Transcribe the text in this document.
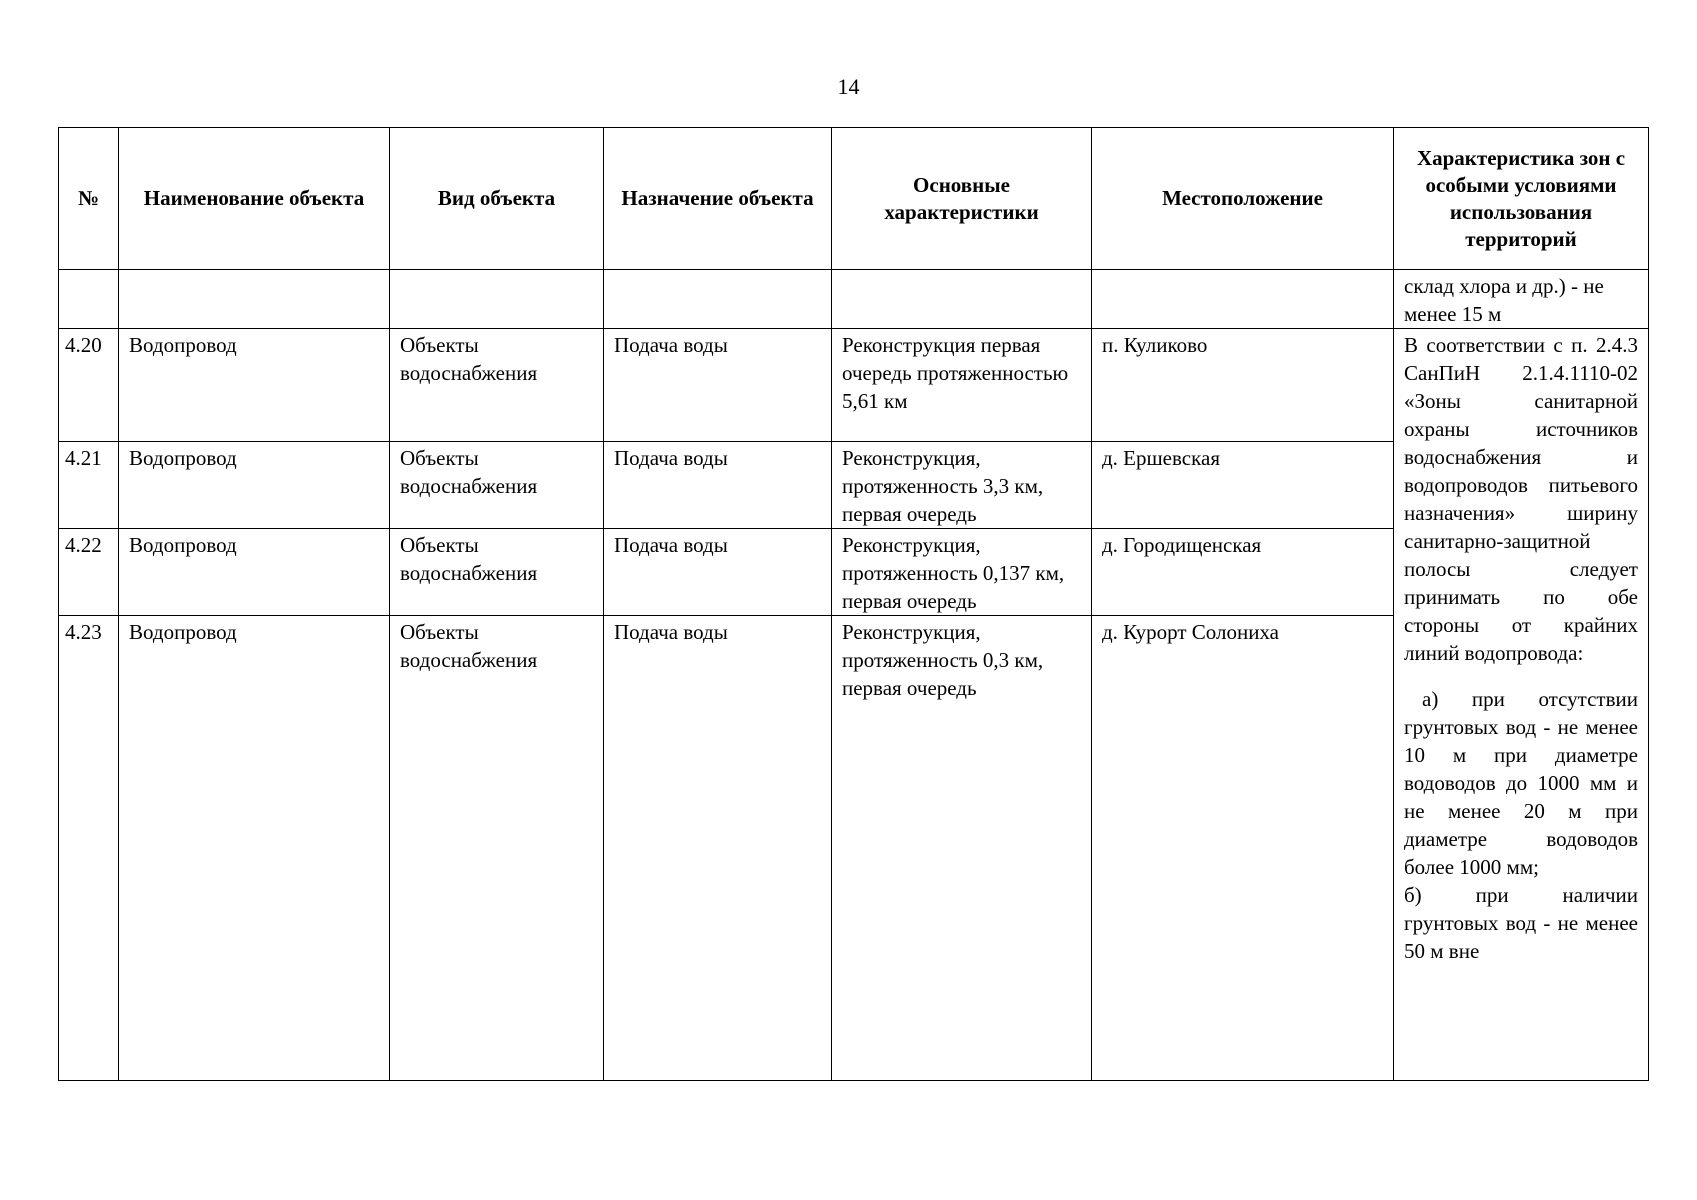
14
№	Наименование объекта	Вид объекта	Назначение объекта	Основные характеристики	Местоположение	Характеристика зон с особыми условиями использования территорий
						склад хлора и др.) - не менее 15 м
4.20	Водопровод	Объекты водоснабжения	Подача воды	Реконструкция первая очередь протяженностью 5,61 км	п. Куликово	В соответствии с п. 2.4.3 СанПиН 2.1.4.1110-02 «Зоны санитарной охраны источников водоснабжения и водопроводов питьевого назначения» ширину санитарно-защитной полосы следует принимать по обе стороны от крайних линий водопровода:

а) при отсутствии грунтовых вод - не менее 10 м при диаметре водоводов до 1000 мм и не менее 20 м при диаметре водоводов более 1000 мм;

б) при наличии грунтовых вод - не менее 50 м вне

4.21	Водопровод	Объекты водоснабжения	Подача воды	Реконструкция, протяженность 3,3 км, первая очередь	д. Ершевская	
4.22	Водопровод	Объекты водоснабжения	Подача воды	Реконструкция, протяженность 0,137 км, первая очередь	д. Городищенская	
4.23	Водопровод	Объекты водоснабжения	Подача воды	Реконструкция, протяженность 0,3 км, первая очередь	д. Курорт Солониха	
